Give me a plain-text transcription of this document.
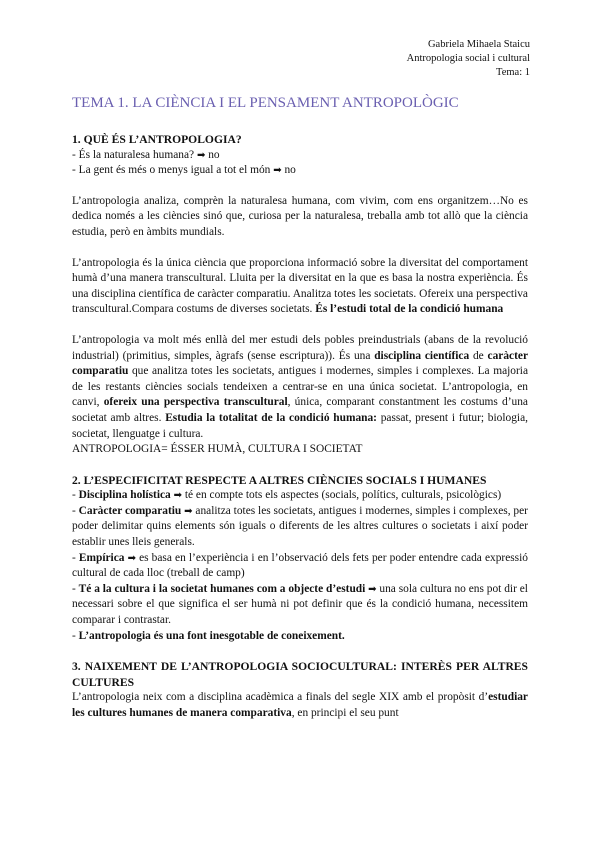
Gabriela Mihaela Staicu
Antropologia social i cultural
Tema: 1
TEMA 1. LA CIÈNCIA I EL PENSAMENT ANTROPOLÒGIC
1. QUÈ ÉS L’ANTROPOLOGIA?
- És la naturalesa humana? ➡ no
- La gent és més o menys igual a tot el món ➡ no

L’antropologia analiza, comprèn la naturalesa humana, com vivim, com ens organitzem…No es dedica només a les ciències sinó que, curiosa per la naturalesa, treballa amb tot allò que la ciència estudia, però en àmbits mundials.

L’antropologia és la única ciència que proporciona informació sobre la diversitat del comportament humà d’una manera transcultural. Lluita per la diversitat en la que es basa la nostra experiència. És una disciplina científica de caràcter comparatiu. Analitza totes les societats. Ofereix una perspectiva transcultural.Compara costums de diverses societats. És l’estudi total de la condició humana

L’antropologia va molt més enllà del mer estudi dels pobles preindustrials (abans de la revolució industrial) (primitius, simples, àgrafs (sense escriptura)). És una disciplina científica de caràcter comparatiu que analitza totes les societats, antigues i modernes, simples i complexes. La majoria de les restants ciències socials tendeixen a centrar-se en una única societat. L’antropologia, en canvi, ofereix una perspectiva transcultural, única, comparant constantment les costums d’una societat amb altres. Estudia la totalitat de la condició humana: passat, present i futur; biologia, societat, llenguatge i cultura.

ANTROPOLOGIA= ÉSSER HUMÀ, CULTURA I SOCIETAT
2. L’ESPECIFICITAT RESPECTE A ALTRES CIÈNCIES SOCIALS I HUMANES

- Disciplina holística ➡ té en compte tots els aspectes (socials, polítics, culturals, psicològics)

- Caràcter comparatiu ➡ analitza totes les societats, antigues i modernes, simples i complexes, per poder delimitar quins elements són iguals o diferents de les altres cultures o societats i així poder establir unes lleis generals.

- Empírica ➡ es basa en l’experiència i en l’observació dels fets per poder entendre cada expressió cultural de cada lloc (treball de camp)

- Té a la cultura i la societat humanes com a objecte d’estudi ➡ una sola cultura no ens pot dir el necessari sobre el que significa el ser humà ni pot definir que és la condició humana, necessitem comparar i contrastar.

- L’antropologia és una font inesgotable de coneixement.

3. NAIXEMENT DE L’ANTROPOLOGIA SOCIOCULTURAL: INTERÈS PER ALTRES CULTURES

L’antropologia neix com a disciplina acadèmica a finals del segle XIX amb el propòsit d’estudiar les cultures humanes de manera comparativa, en principi el seu punt
